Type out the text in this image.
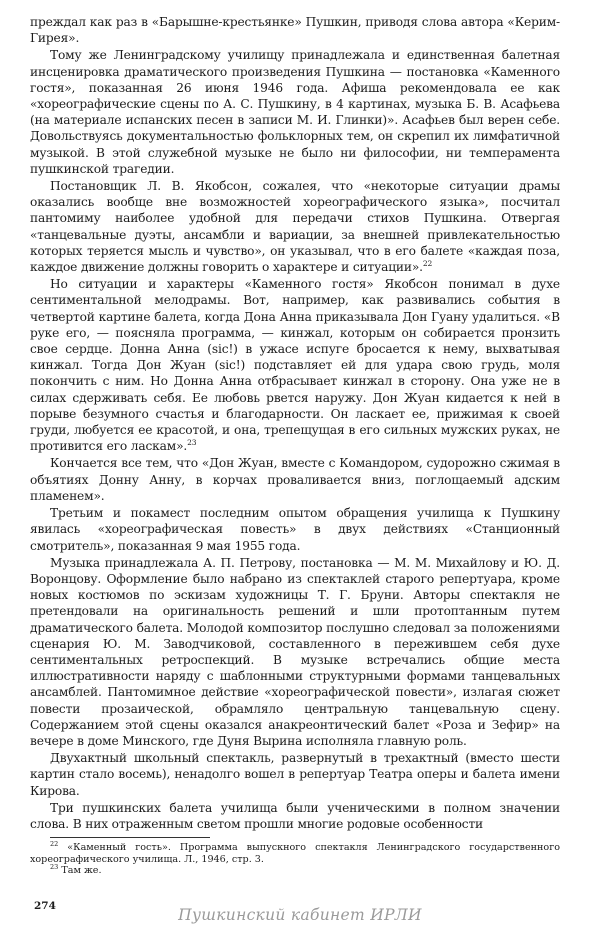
преждал как раз в «Барышне-крестьянке» Пушкин, приводя слова автора «Керим-Гирея».

Тому же Ленинградскому училищу принадлежала и единственная балетная инсценировка драматического произведения Пушкина — постановка «Каменного гостя», показанная 26 июня 1946 года. Афиша рекомендовала ее как «хореографические сцены по А. С. Пушкину, в 4 картинах, музыка Б. В. Асафьева (на материале испанских песен в записи М. И. Глинки)». Асафьев был верен себе. Довольствуясь документальностью фольклорных тем, он скрепил их лимфатичной музыкой. В этой служебной музыке не было ни философии, ни темперамента пушкинской трагедии.

Постановщик Л. В. Якобсон, сожалея, что «некоторые ситуации драмы оказались вообще вне возможностей хореографического языка», посчитал пантомиму наиболее удобной для передачи стихов Пушкина. Отвергая «танцевальные дуэты, ансамбли и вариации, за внешней привлекательностью которых теряется мысль и чувство», он указывал, что в его балете «каждая поза, каждое движение должны говорить о характере и ситуации».$^{22}$

Но ситуации и характеры «Каменного гостя» Якобсон понимал в духе сентиментальной мелодрамы. Вот, например, как развивались события в четвертой картине балета, когда Дона Анна приказывала Дон Гуану удалиться. «В руке его, — поясняла программа, — кинжал, которым он собирается пронзить свое сердце. Донна Анна (sic!) в ужасе испуге бросается к нему, выхватывая кинжал. Тогда Дон Жуан (sic!) подставляет ей для удара свою грудь, моля покончить с ним. Но Донна Анна отбрасывает кинжал в сторону. Она уже не в силах сдерживать себя. Ее любовь рвется наружу. Дон Жуан кидается к ней в порыве безумного счастья и благодарности. Он ласкает ее, прижимая к своей груди, любуется ее красотой, и она, трепещущая в его сильных мужских руках, не противится его ласкам».$^{23}$

Кончается все тем, что «Дон Жуан, вместе с Командором, судорожно сжимая в объятиях Донну Анну, в корчах проваливается вниз, поглощаемый адским пламенем».

Третьим и покамест последним опытом обращения училища к Пушкину явилась «хореографическая повесть» в двух действиях «Станционный смотритель», показанная 9 мая 1955 года.

Музыка принадлежала А. П. Петрову, постановка — М. М. Михайлову и Ю. Д. Воронцову. Оформление было набрано из спектаклей старого репертуара, кроме новых костюмов по эскизам художницы Т. Г. Бруни. Авторы спектакля не претендовали на оригинальность решений и шли протоптанным путем драматического балета. Молодой композитор послушно следовал за положениями сценария Ю. М. Заводчиковой, составленного в пережившем себя духе сентиментальных ретроспекций. В музыке встречались общие места иллюстративности наряду с шаблонными структурными формами танцевальных ансамблей. Пантомимное действие «хореографической повести», излагая сюжет повести прозаической, обрамляло центральную танцевальную сцену. Содержанием этой сцены оказался анакреонтический балет «Роза и Зефир» на вечере в доме Минского, где Дуня Вырина исполняла главную роль.

Двухактный школьный спектакль, развернутый в трехактный (вместо шести картин стало восемь), ненадолго вошел в репертуар Театра оперы и балета имени Кирова.

Три пушкинских балета училища были ученическими в полном значении слова. В них отраженным светом прошли многие родовые особенности

$^{22}$ «Каменный гость». Программа выпускного спектакля Ленинградского государственного хореографического училища. Л., 1946, стр. 3.

$^{23}$ Там же.

274	Пушкинский кабинет ИРЛИ
